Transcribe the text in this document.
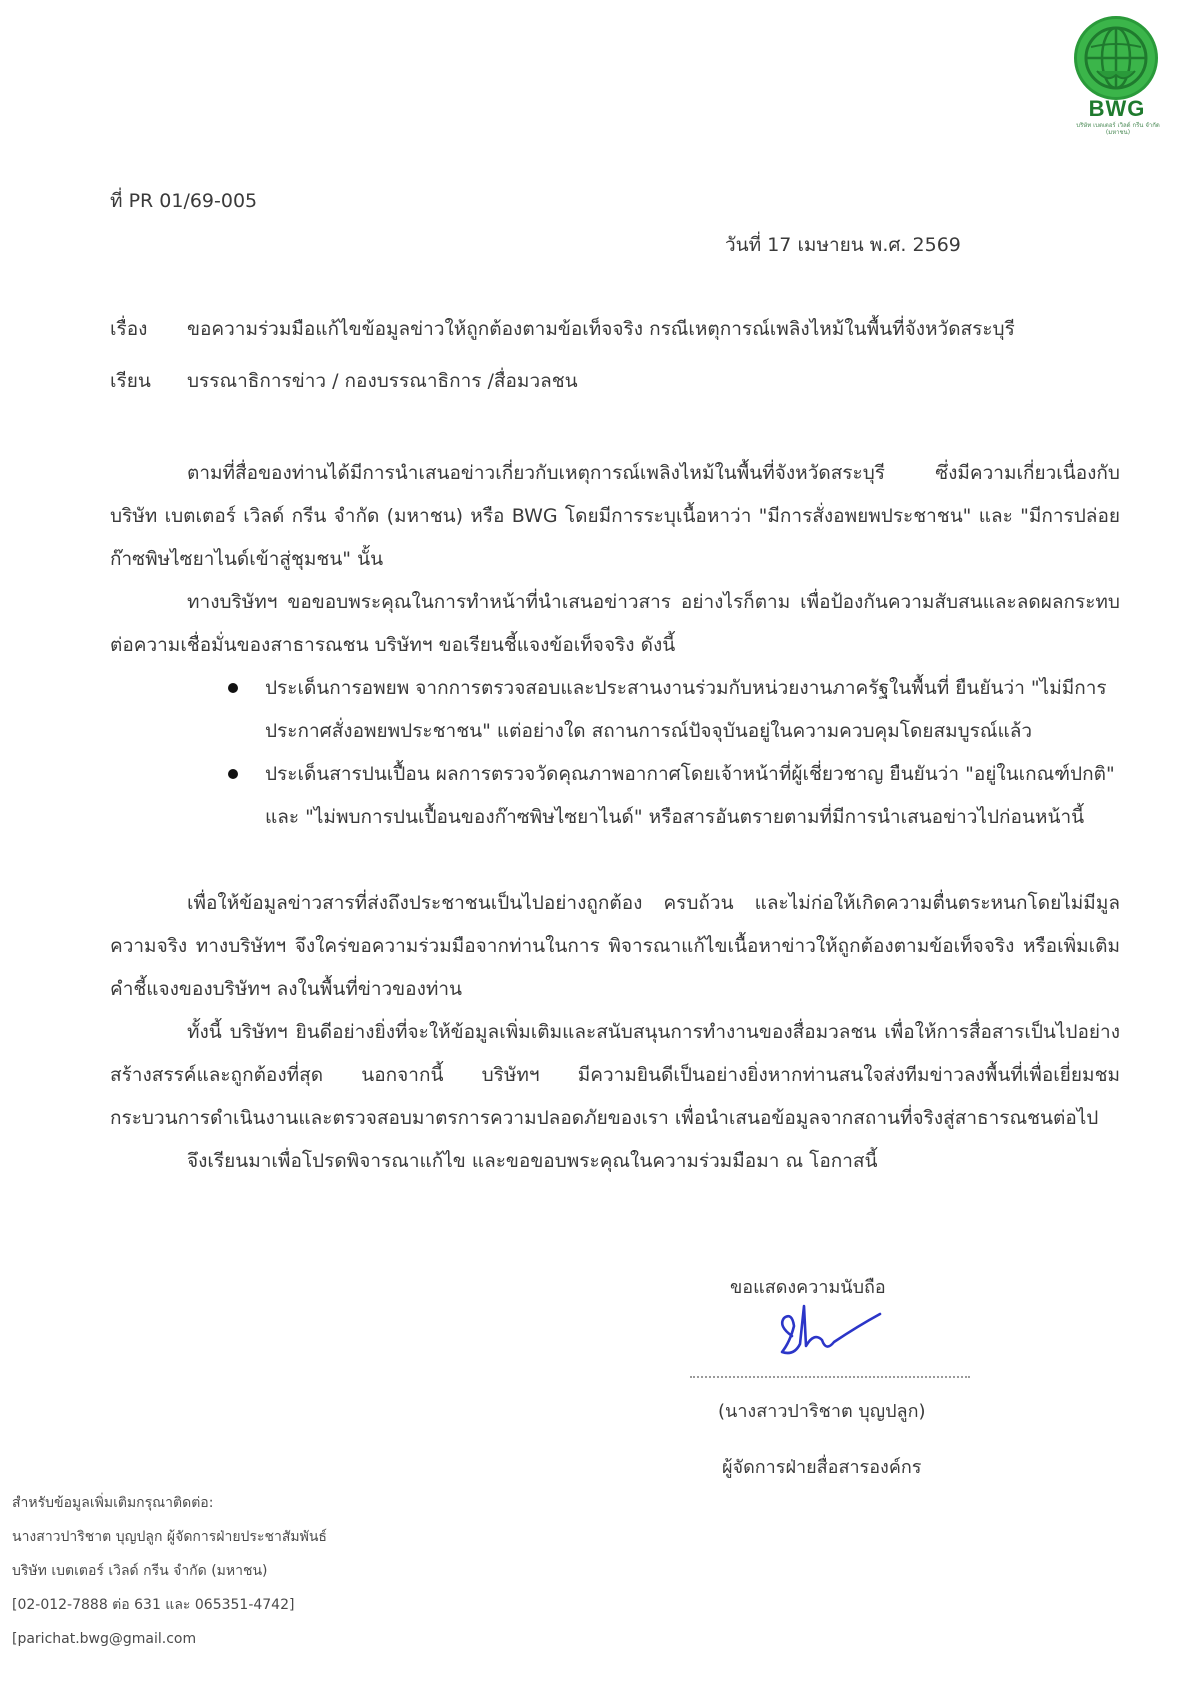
BWG
บริษัท เบตเตอร์ เวิลด์ กรีน จำกัด (มหาชน)
ที่ PR 01/69-005
วันที่ 17 เมษายน พ.ศ. 2569
เรื่อง ขอความร่วมมือแก้ไขข้อมูลข่าวให้ถูกต้องตามข้อเท็จจริง กรณีเหตุการณ์เพลิงไหม้ในพื้นที่จังหวัดสระบุรี
เรียน บรรณาธิการข่าว / กองบรรณาธิการ /สื่อมวลชน

ตามที่สื่อของท่านได้มีการนำเสนอข่าวเกี่ยวกับเหตุการณ์เพลิงไหม้ในพื้นที่จังหวัดสระบุรี ซึ่งมีความเกี่ยวเนื่องกับ บริษัท เบตเตอร์ เวิลด์ กรีน จำกัด (มหาชน) หรือ BWG โดยมีการระบุเนื้อหาว่า "มีการสั่งอพยพประชาชน" และ "มีการปล่อยก๊าซพิษไซยาไนด์เข้าสู่ชุมชน" นั้น

ทางบริษัทฯ ขอขอบพระคุณในการทำหน้าที่นำเสนอข่าวสาร อย่างไรก็ตาม เพื่อป้องกันความสับสนและลดผลกระทบต่อความเชื่อมั่นของสาธารณชน บริษัทฯ ขอเรียนชี้แจงข้อเท็จจริง ดังนี้

ประเด็นการอพยพ จากการตรวจสอบและประสานงานร่วมกับหน่วยงานภาครัฐในพื้นที่ ยืนยันว่า "ไม่มีการประกาศสั่งอพยพประชาชน" แต่อย่างใด สถานการณ์ปัจจุบันอยู่ในความควบคุมโดยสมบูรณ์แล้ว
ประเด็นสารปนเปื้อน ผลการตรวจวัดคุณภาพอากาศโดยเจ้าหน้าที่ผู้เชี่ยวชาญ ยืนยันว่า "อยู่ในเกณฑ์ปกติ" และ "ไม่พบการปนเปื้อนของก๊าซพิษไซยาไนด์" หรือสารอันตรายตามที่มีการนำเสนอข่าวไปก่อนหน้านี้

เพื่อให้ข้อมูลข่าวสารที่ส่งถึงประชาชนเป็นไปอย่างถูกต้อง ครบถ้วน และไม่ก่อให้เกิดความตื่นตระหนกโดยไม่มีมูลความจริง ทางบริษัทฯ จึงใคร่ขอความร่วมมือจากท่านในการ พิจารณาแก้ไขเนื้อหาข่าวให้ถูกต้องตามข้อเท็จจริง หรือเพิ่มเติมคำชี้แจงของบริษัทฯ ลงในพื้นที่ข่าวของท่าน

ทั้งนี้ บริษัทฯ ยินดีอย่างยิ่งที่จะให้ข้อมูลเพิ่มเติมและสนับสนุนการทำงานของสื่อมวลชน เพื่อให้การสื่อสารเป็นไปอย่างสร้างสรรค์และถูกต้องที่สุด นอกจากนี้ บริษัทฯ มีความยินดีเป็นอย่างยิ่งหากท่านสนใจส่งทีมข่าวลงพื้นที่เพื่อเยี่ยมชมกระบวนการดำเนินงานและตรวจสอบมาตรการความปลอดภัยของเรา เพื่อนำเสนอข้อมูลจากสถานที่จริงสู่สาธารณชนต่อไป

จึงเรียนมาเพื่อโปรดพิจารณาแก้ไข และขอขอบพระคุณในความร่วมมือมา ณ โอกาสนี้

ขอแสดงความนับถือ
(นางสาวปาริชาต บุญปลูก)
ผู้จัดการฝ่ายสื่อสารองค์กร
สำหรับข้อมูลเพิ่มเติมกรุณาติดต่อ:
นางสาวปาริชาต บุญปลูก ผู้จัดการฝ่ายประชาสัมพันธ์
บริษัท เบตเตอร์ เวิลด์ กรีน จำกัด (มหาชน)
[02-012-7888 ต่อ 631 และ 065351-4742]
[parichat.bwg@gmail.com
